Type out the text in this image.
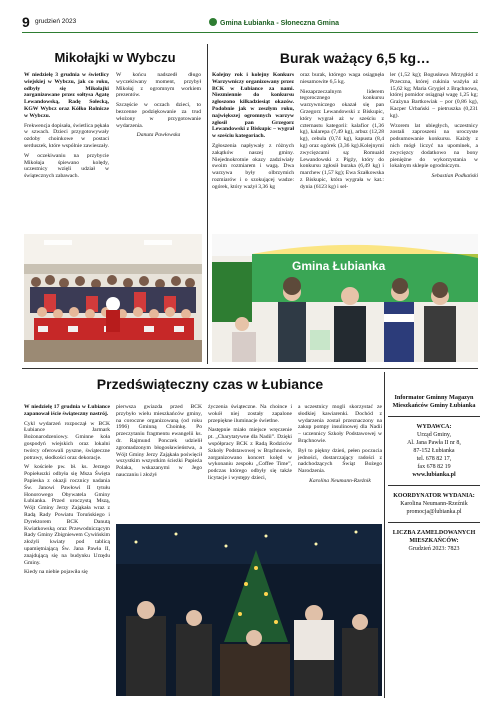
9 grudzień 2023	Gmina Łubianka - Słoneczna Gmina
Mikołajki w Wybczu

W niedzielę 3 grudnia w świetlicy wiejskiej w Wybczu, jak co roku, odbyły się Mikołajki zorganizowane przez sołtysa Agatę Lewandowską, Radę Sołecką, KGW Wybcz oraz Kółko Rolnicze w Wybczu.

Frekwencja dopisała, świetlica pękała w szwach. Dzieci przygotowywały ozdoby choinkowe w postaci serduszek, które wspólnie zawieszały.

W oczekiwaniu na przybycie Mikołaja śpiewano kolędy, uczestnicy wzięli udział w świątecznych zabawach.

W końcu nadszedł długo wyczekiwany moment, przybył Mikołaj z ogromnym workiem prezentów.

Szczęście w oczach dzieci, to bezcenne podziękowanie za trud włożony w przygotowanie wydarzenia.

Danuta Pawłowska

Burak ważący 6,5 kg…

Kolejny rok i kolejny Konkurs Warzywniczy organizowany przez BCK w Łubiance za nami. Niezmiennie do konkursu zgłoszono kilkadziesiąt okazów. Podobnie jak w zeszłym roku, największej ogromnych warzyw zgłosił pan Grzegorz Lewandowski z Biskupic – wygrał w sześciu kategoriach.

Zgłoszenia napływały z różnych zakątków naszej gminy. Niejednokrotnie okazy zadziwiały swoim rozmiarem i wagą. Dwa warzywa były olbrzymich rozmiarów i o szokującej wadze: ogórek, który ważył 3,36 kg

oraz burak, którego waga osiągnęła niesamowite 6,5 kg.

Niezaprzeczalnym liderem tegorocznego konkursu warzywniczego okazał się pan Grzegorz Lewandowski z Biskupic, który wygrał aż w sześciu z czternastu kategorii: kalafior (1,36 kg), kalarepa (7,49 kg), arbuz (12,28 kg), cebula (0,74 kg), kapusta (8,4 kg) oraz ogórek (3,36 kg).Kolejnymi zwycięzcami są: Romuald Lewandowski z Pigży, który do konkursu zgłosił buraka (6,49 kg) i marchew (1,57 kg); Ewa Szałkowska z Biskupic, która wygrała w kat.: dynia (6123 kg) i sel-

ler (1,52 kg); Bogusława Mrzygłód z Przeczna, której cukinia ważyła aż 15,62 kg; Maria Grygiel z Brąchnowa, której pomidor osiągnął wagę 1,25 kg; Grażyna Bartkowiak – por (0,86 kg), Kacper Urbański – pietruszka (0,231 kg).

Wzorem lat ubiegłych, uczestnicy zostali zaproszeni na uroczyste podsumowanie konkursu. Każdy z nich mógł liczyć na upominek, a zwycięzcy dodatkowo na bony pieniężne do wykorzystania w lokalnym sklepie ogrodniczym.

Sebastian Podkański

Gmina Łubianka
Przedświąteczny czas w Łubiance

W niedzielę 17 grudnia w Łubiance zapanował iście świąteczny nastrój.

Cykl wydarzeń rozpoczął w BCK Łubiance Jarmark Bożonarodzeniowy. Gminne koła gospodyń wiejskich oraz lokalni twórcy oferowali pyszne, świąteczne potrawy, słodkości oraz dekoracje.

W kościele pw. bł. ks. Jerzego Popiełuszki odbyła się Msza Święta Papieska z okazji rocznicy nadania Św. Janowi Pawłowi II tytułu Honorowego Obywatela Gminy Łubianka. Przed uroczystą Mszą, Wójt Gminy Jerzy Zająkała wraz z Radą Rady Powiatu Toruńskiego i Dyrektorem BCK Danutą Kwiatkowską oraz Przewodniczącym Rady Gminy Zbigniewem Cywińskim złożyli kwiaty pod tablicą upamiętniającą Św. Jana Pawła II, znajdującą się na budynku Urzędu Gminy.

Kiedy na niebie pojawiła się

pierwsza gwiazda przed BCK przybyło wielu mieszkańców gminy, na coroczne organizowaną (od roku 1996) Gminną Choinkę. Po przeczytaniu fragmentu ewangelii ks. dr. Rajmund Ponczek udzielił zgromadzonym błogosławieństwa, a Wójt Gminy Jerzy Zająkała poświęcił wszystkim wszystkim ścieżki Papieża Polaka, wskazanymi w Jego nauczaniu i złożył

życzenia świąteczne. Na choince i wokół niej zostały zapalone przepiękne iluminacje świetlne.

Następnie miało miejsce wręczenie pt. „Charytatywne dla Nadii”. Dzięki współpracy BCK z Radą Rodziców Szkoły Podstawowej w Brąchnowie, zorganizowano koncert kolęd w wykonaniu zespołu „Coffee Time”, podczas którego odbyły się także licytacje i występy dzieci,

a uczestnicy mogli skorzystać ze słodkiej kawiarenki. Dochód z wydarzenia został przeznaczony na zakup pompy insulinowej dla Nadii – uczennicy Szkoły Podstawowej w Brąchnowie.

Był to piękny dzień, pełen poczucia jedności, dostarczający radości z nadchodzących Świąt Bożego Narodzenia.

Karolina Neumann-Rzeźnik

Informator Gminny Magazyn Mieszkańców Gminy Łubianka
WYDAWCA:
Urząd Gminy,
Al. Jana Pawła II nr 8,
87-152 Łubianka
tel. 678 82 17,
fax 678 82 19
www.lubianka.pl
KOORDYNATOR WYDANIA:
Karolina Neumann-Rzeźnik
promocja@lubianka.pl
LICZBA ZAMELDOWANYCH MIESZKAŃCÓW:
Grudzień 2023: 7823
